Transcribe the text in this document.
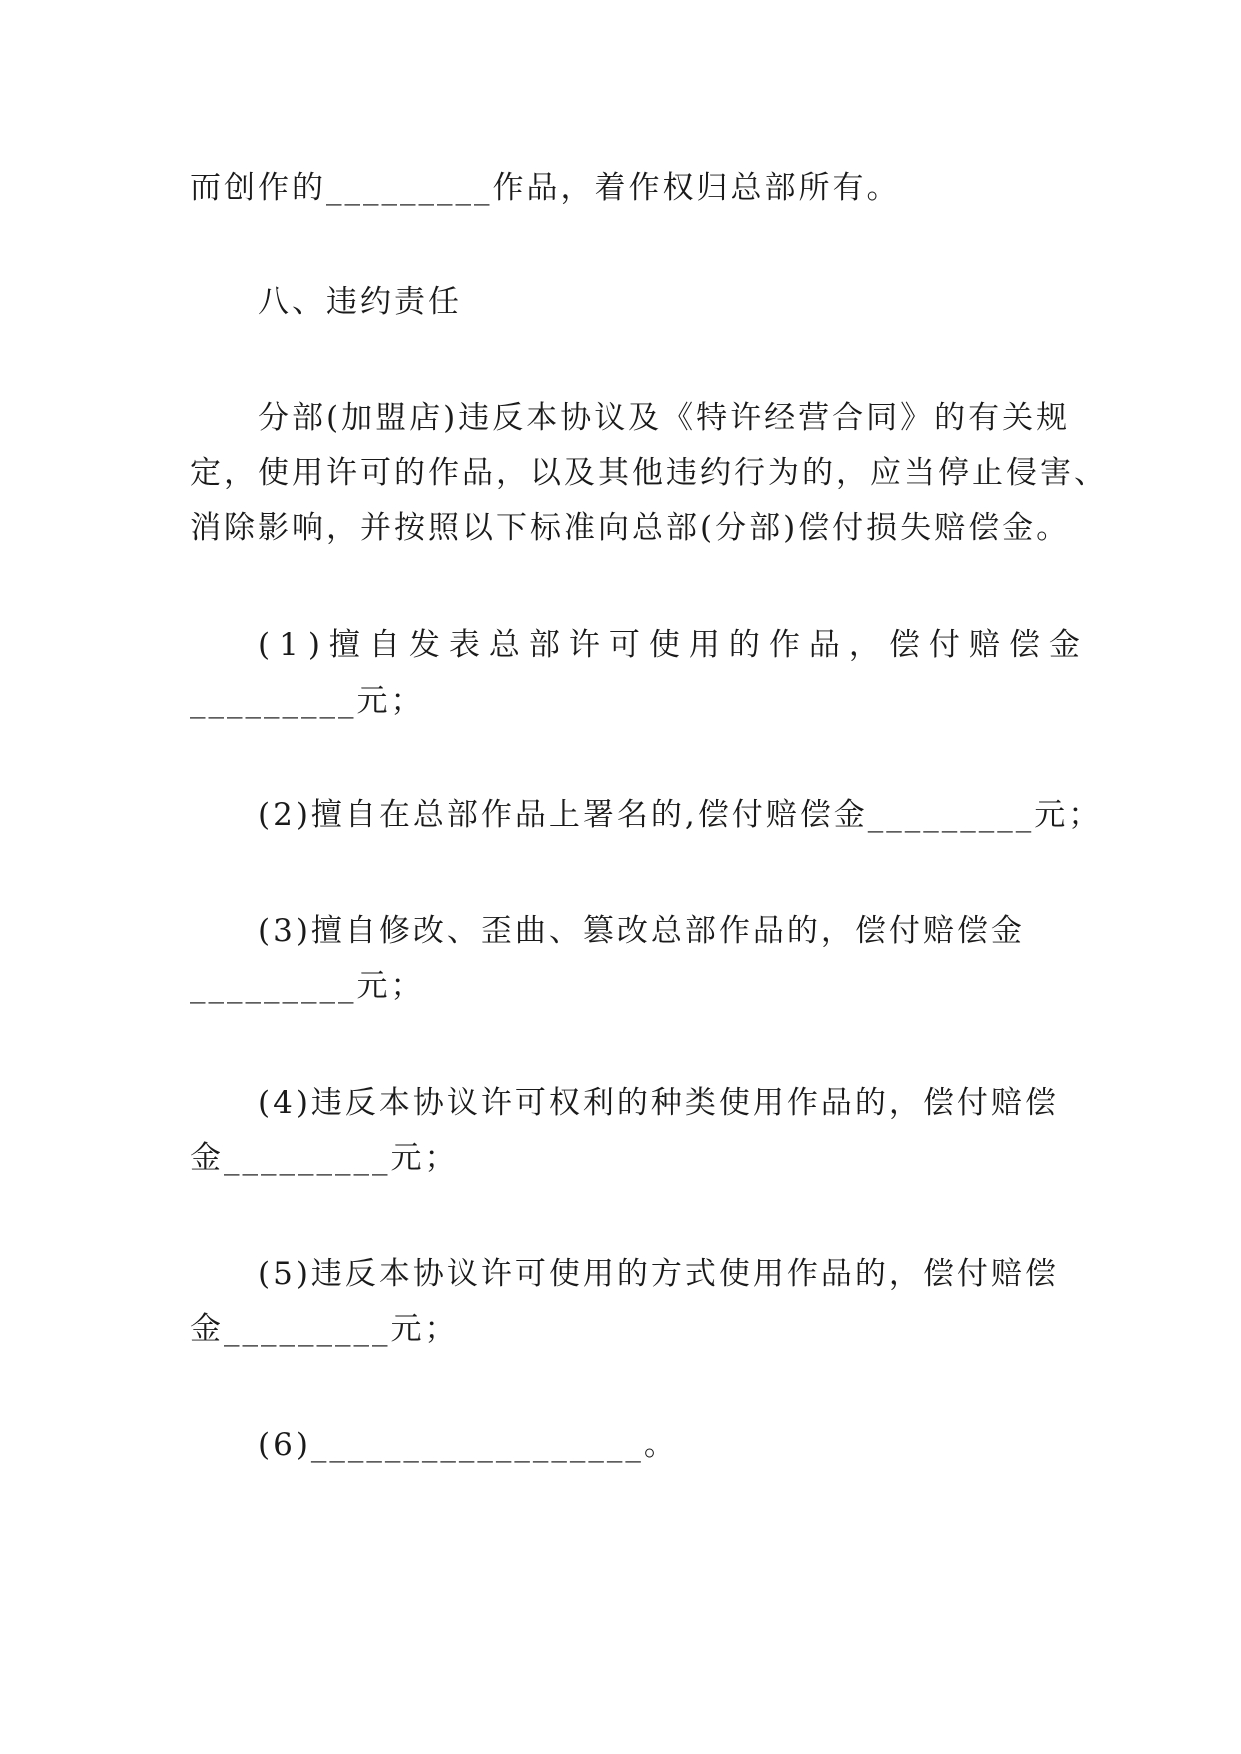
而创作的_________作品，着作权归总部所有。
八、违约责任
分部(加盟店)违反本协议及《特许经营合同》的有关规
定，使用许可的作品，以及其他违约行为的，应当停止侵害、
消除影响，并按照以下标准向总部(分部)偿付损失赔偿金。
(1)擅自发表总部许可使用的作品，偿付赔偿金
_________元；
(2)擅自在总部作品上署名的,偿付赔偿金_________元；
(3)擅自修改、歪曲、篡改总部作品的，偿付赔偿金
_________元；
(4)违反本协议许可权利的种类使用作品的，偿付赔偿
金_________元；
(5)违反本协议许可使用的方式使用作品的，偿付赔偿
金_________元；
(6)__________________。
